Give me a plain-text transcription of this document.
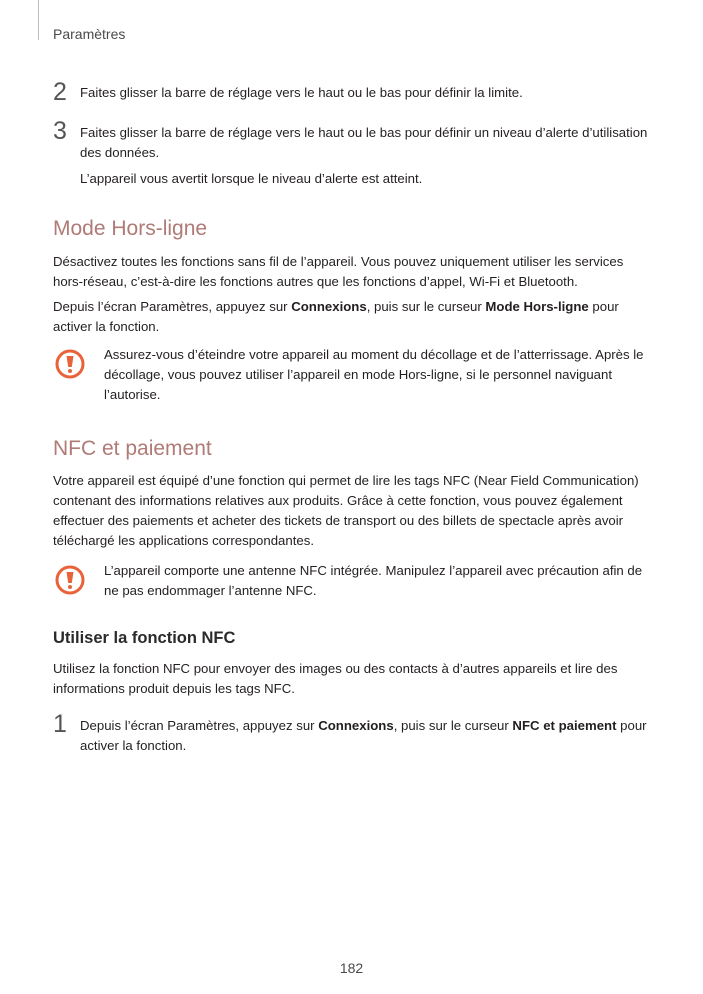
Paramètres
2 Faites glisser la barre de réglage vers le haut ou le bas pour définir la limite.

3 Faites glisser la barre de réglage vers le haut ou le bas pour définir un niveau d’alerte d’utilisation des données.

L’appareil vous avertit lorsque le niveau d’alerte est atteint.

Mode Hors-ligne

Désactivez toutes les fonctions sans fil de l’appareil. Vous pouvez uniquement utiliser les services hors-réseau, c’est-à-dire les fonctions autres que les fonctions d’appel, Wi-Fi et Bluetooth.

Depuis l’écran Paramètres, appuyez sur Connexions, puis sur le curseur Mode Hors-ligne pour activer la fonction.

Assurez-vous d’éteindre votre appareil au moment du décollage et de l’atterrissage. Après le décollage, vous pouvez utiliser l’appareil en mode Hors-ligne, si le personnel naviguant l’autorise.

NFC et paiement

Votre appareil est équipé d’une fonction qui permet de lire les tags NFC (Near Field Communication) contenant des informations relatives aux produits. Grâce à cette fonction, vous pouvez également effectuer des paiements et acheter des tickets de transport ou des billets de spectacle après avoir téléchargé les applications correspondantes.

L’appareil comporte une antenne NFC intégrée. Manipulez l’appareil avec précaution afin de ne pas endommager l’antenne NFC.

Utiliser la fonction NFC

Utilisez la fonction NFC pour envoyer des images ou des contacts à d’autres appareils et lire des informations produit depuis les tags NFC.

1 Depuis l’écran Paramètres, appuyez sur Connexions, puis sur le curseur NFC et paiement pour activer la fonction.

182
